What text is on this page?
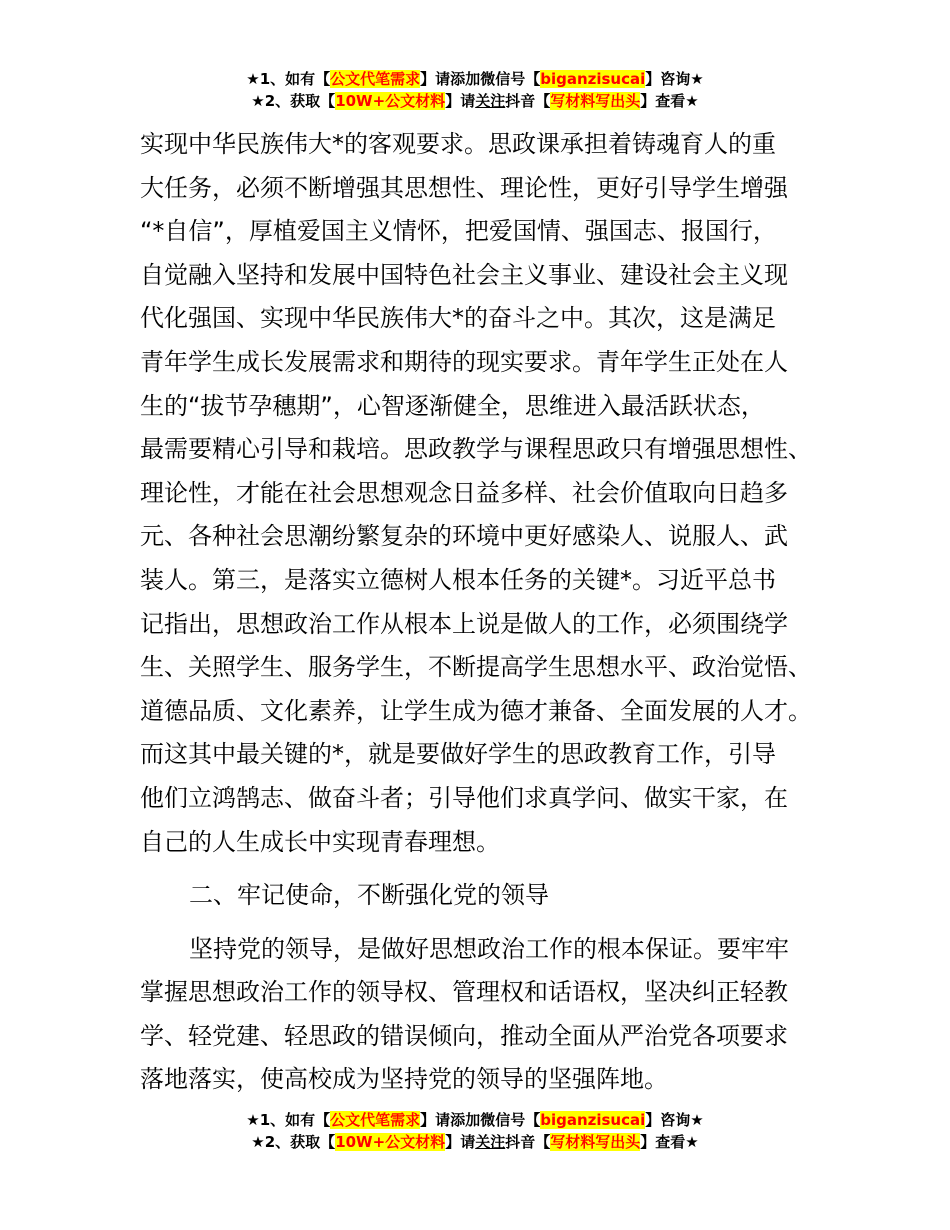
★1、如有【公文代笔需求】请添加微信号【biganzisucai】咨询★
★2、获取【10W+公文材料】请关注抖音【写材料写出头】查看★
实现中华民族伟大*的客观要求。思政课承担着铸魂育人的重
大任务，必须不断增强其思想性、理论性，更好引导学生增强
“*自信”，厚植爱国主义情怀，把爱国情、强国志、报国行，
自觉融入坚持和发展中国特色社会主义事业、建设社会主义现
代化强国、实现中华民族伟大*的奋斗之中。其次，这是满足
青年学生成长发展需求和期待的现实要求。青年学生正处在人
生的“拔节孕穗期”，心智逐渐健全，思维进入最活跃状态，
最需要精心引导和栽培。思政教学与课程思政只有增强思想性、
理论性，才能在社会思想观念日益多样、社会价值取向日趋多
元、各种社会思潮纷繁复杂的环境中更好感染人、说服人、武
装人。第三，是落实立德树人根本任务的关键*。习近平总书
记指出，思想政治工作从根本上说是做人的工作，必须围绕学
生、关照学生、服务学生，不断提高学生思想水平、政治觉悟、
道德品质、文化素养，让学生成为德才兼备、全面发展的人才。
而这其中最关键的*，就是要做好学生的思政教育工作，引导
他们立鸿鹄志、做奋斗者；引导他们求真学问、做实干家，在
自己的人生成长中实现青春理想。
二、牢记使命，不断强化党的领导
坚持党的领导，是做好思想政治工作的根本保证。要牢牢
掌握思想政治工作的领导权、管理权和话语权，坚决纠正轻教
学、轻党建、轻思政的错误倾向，推动全面从严治党各项要求
落地落实，使高校成为坚持党的领导的坚强阵地。
★1、如有【公文代笔需求】请添加微信号【biganzisucai】咨询★
★2、获取【10W+公文材料】请关注抖音【写材料写出头】查看★
